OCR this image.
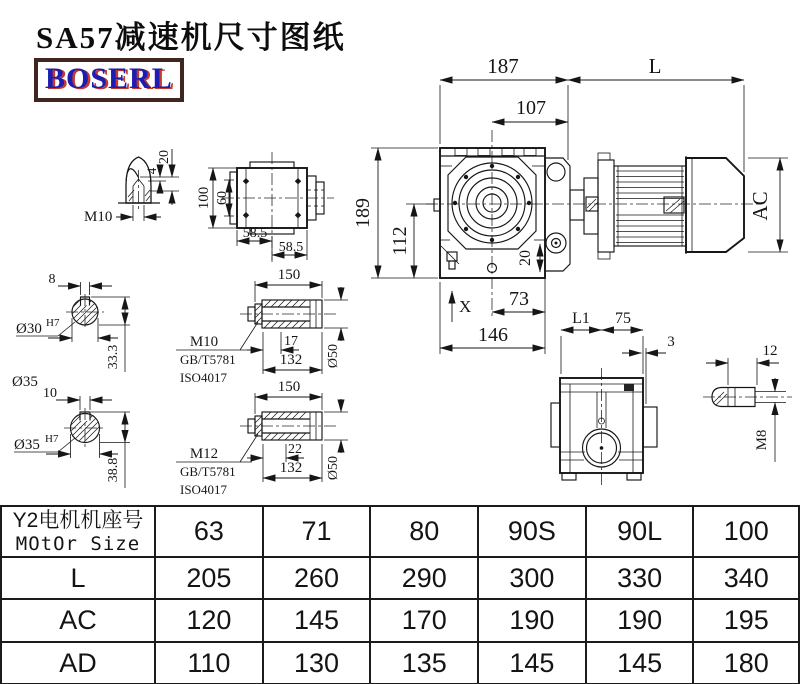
M10
4
20
100 60
58.5
58.5
8
Ø30 H7
33.3
Ø35
10
Ø35 H7
38.8
150
17
132 Ø50
M10
GB/T5781
ISO4017
150
22
132 Ø50
M12
GB/T5781
ISO4017
20
187	L
107
189
112
73
146
X
AC
L1 75
3
12
M8
SA57减速机尺寸图纸
BOSERL
Y2电机机座号
MOtOr Size	63	71	80	90S	90L	100
L	205	260	290	300	330	340
AC	120	145	170	190	190	195
AD	110	130	135	145	145	180
